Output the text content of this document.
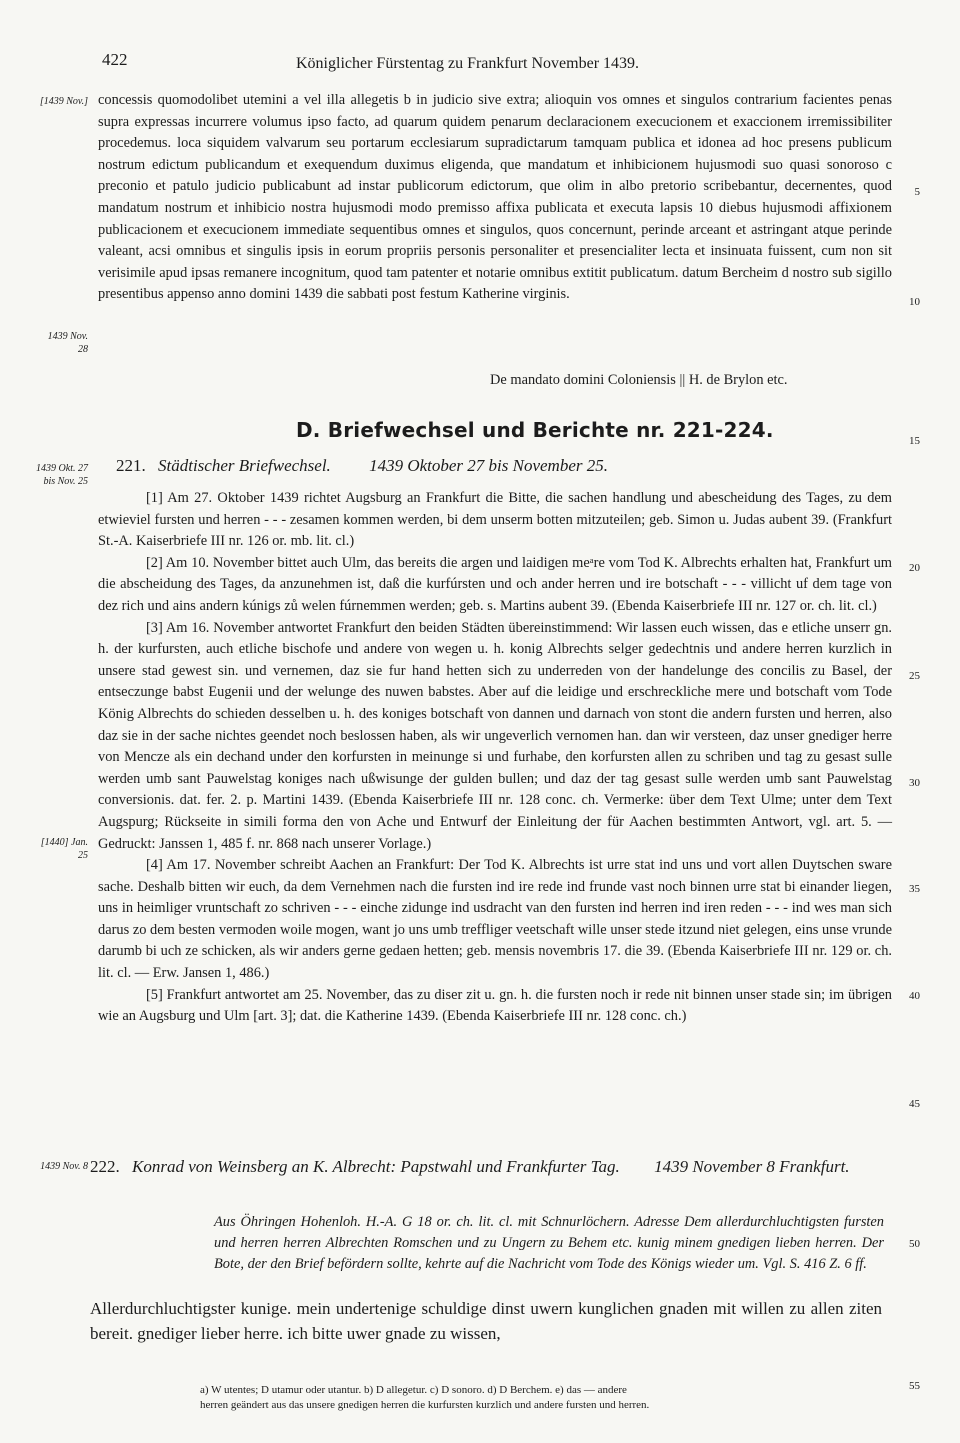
422	Königlicher Fürstentag zu Frankfurt November 1439.
[1439 Nov.]
1439 Nov. 28
1439 Okt. 27 bis Nov. 25
[1440] Jan. 25
1439 Nov. 8
5
10
15
20
25
30
35
40
45
50
55

concessis quomodolibet utemini a vel illa allegetis b in judicio sive extra; alioquin vos omnes et singulos contrarium facientes penas supra expressas incurrere volumus ipso facto, ad quarum quidem penarum declaracionem execucionem et exaccionem irremissibiliter procedemus. loca siquidem valvarum seu portarum ecclesiarum supradictarum tamquam publica et idonea ad hoc presens publicum nostrum edictum publicandum et exequendum duximus eligenda, que mandatum et inhibicionem hujusmodi suo quasi sonoroso c preconio et patulo judicio publicabunt ad instar publicorum edictorum, que olim in albo pretorio scribebantur, decernentes, quod mandatum nostrum et inhibicio nostra hujusmodi modo premisso affixa publicata et executa lapsis 10 diebus hujusmodi affixionem publicacionem et execucionem immediate sequentibus omnes et singulos, quos concernunt, perinde arceant et astringant atque perinde valeant, acsi omnibus et singulis ipsis in eorum propriis personis personaliter et presencialiter lecta et insinuata fuissent, cum non sit verisimile apud ipsas remanere incognitum, quod tam patenter et notarie omnibus extitit publicatum. datum Bercheim d nostro sub sigillo presentibus appenso anno domini 1439 die sabbati post festum Katherine virginis.

De mandato domini Coloniensis || H. de Brylon etc.
D. Briefwechsel und Berichte nr. 221-224.
221. Städtischer Briefwechsel. 1439 Oktober 27 bis November 25.

[1] Am 27. Oktober 1439 richtet Augsburg an Frankfurt die Bitte, die sachen handlung und abescheidung des Tages, zu dem etwieviel fursten und herren - - - zesamen kommen werden, bi dem unserm botten mitzuteilen; geb. Simon u. Judas aubent 39. (Frankfurt St.-A. Kaiserbriefe III nr. 126 or. mb. lit. cl.)

[2] Am 10. November bittet auch Ulm, das bereits die argen und laidigen meᵃre vom Tod K. Albrechts erhalten hat, Frankfurt um die abscheidung des Tages, da anzunehmen ist, daß die kurfúrsten und och ander herren und ire botschaft - - - villicht uf dem tage von dez rich und ains andern kúnigs zů welen fúrnemmen werden; geb. s. Martins aubent 39. (Ebenda Kaiserbriefe III nr. 127 or. ch. lit. cl.)

[3] Am 16. November antwortet Frankfurt den beiden Städten übereinstimmend: Wir lassen euch wissen, das e etliche unserr gn. h. der kurfursten, auch etliche bischofe und andere von wegen u. h. konig Albrechts selger gedechtnis und andere herren kurzlich in unsere stad gewest sin. und vernemen, daz sie fur hand hetten sich zu underreden von der handelunge des concilis zu Basel, der entseczunge babst Eugenii und der welunge des nuwen babstes. Aber auf die leidige und erschreckliche mere und botschaft vom Tode König Albrechts do schieden desselben u. h. des koniges botschaft von dannen und darnach von stont die andern fursten und herren, also daz sie in der sache nichtes geendet noch beslossen haben, als wir ungeverlich vernomen han. dan wir versteen, daz unser gnediger herre von Mencze als ein dechand under den korfursten in meinunge si und furhabe, den korfursten allen zu schriben und tag zu gesast sulle werden umb sant Pauwelstag koniges nach ußwisunge der gulden bullen; und daz der tag gesast sulle werden umb sant Pauwelstag conversionis. dat. fer. 2. p. Martini 1439. (Ebenda Kaiserbriefe III nr. 128 conc. ch. Vermerke: über dem Text Ulme; unter dem Text Augspurg; Rückseite in simili forma den von Ache und Entwurf der Einleitung der für Aachen bestimmten Antwort, vgl. art. 5. — Gedruckt: Janssen 1, 485 f. nr. 868 nach unserer Vorlage.)

[4] Am 17. November schreibt Aachen an Frankfurt: Der Tod K. Albrechts ist urre stat ind uns und vort allen Duytschen sware sache. Deshalb bitten wir euch, da dem Vernehmen nach die fursten ind ire rede ind frunde vast noch binnen urre stat bi einander liegen, uns in heimliger vruntschaft zo schriven - - - einche zidunge ind usdracht van den fursten ind herren ind iren reden - - - ind wes man sich darus zo dem besten vermoden woile mogen, want jo uns umb treffliger veetschaft wille unser stede itzund niet gelegen, eins unse vrunde darumb bi uch ze schicken, als wir anders gerne gedaen hetten; geb. mensis novembris 17. die 39. (Ebenda Kaiserbriefe III nr. 129 or. ch. lit. cl. — Erw. Jansen 1, 486.)

[5] Frankfurt antwortet am 25. November, das zu diser zit u. gn. h. die fursten noch ir rede nit binnen unser stade sin; im übrigen wie an Augsburg und Ulm [art. 3]; dat. die Katherine 1439. (Ebenda Kaiserbriefe III nr. 128 conc. ch.)

222. Konrad von Weinsberg an K. Albrecht: Papstwahl und Frankfurter Tag. 1439 November 8 Frankfurt.
Aus Öhringen Hohenloh. H.-A. G 18 or. ch. lit. cl. mit Schnurlöchern. Adresse Dem allerdurchluchtigsten fursten und herren herren Albrechten Romschen und zu Ungern zu Behem etc. kunig minem gnedigen lieben herren. Der Bote, der den Brief befördern sollte, kehrte auf die Nachricht vom Tode des Königs wieder um. Vgl. S. 416 Z. 6 ff.
Allerdurchluchtigster kunige. mein undertenige schuldige dinst uwern kunglichen gnaden mit willen zu allen ziten bereit. gnediger lieber herre. ich bitte uwer gnade zu wissen,
a) W utentes; D utamur oder utantur. b) D allegetur. c) D sonoro. d) D Berchem. e) das — andere
herren geändert aus das unsere gnedigen herren die kurfursten kurzlich und andere fursten und herren.
